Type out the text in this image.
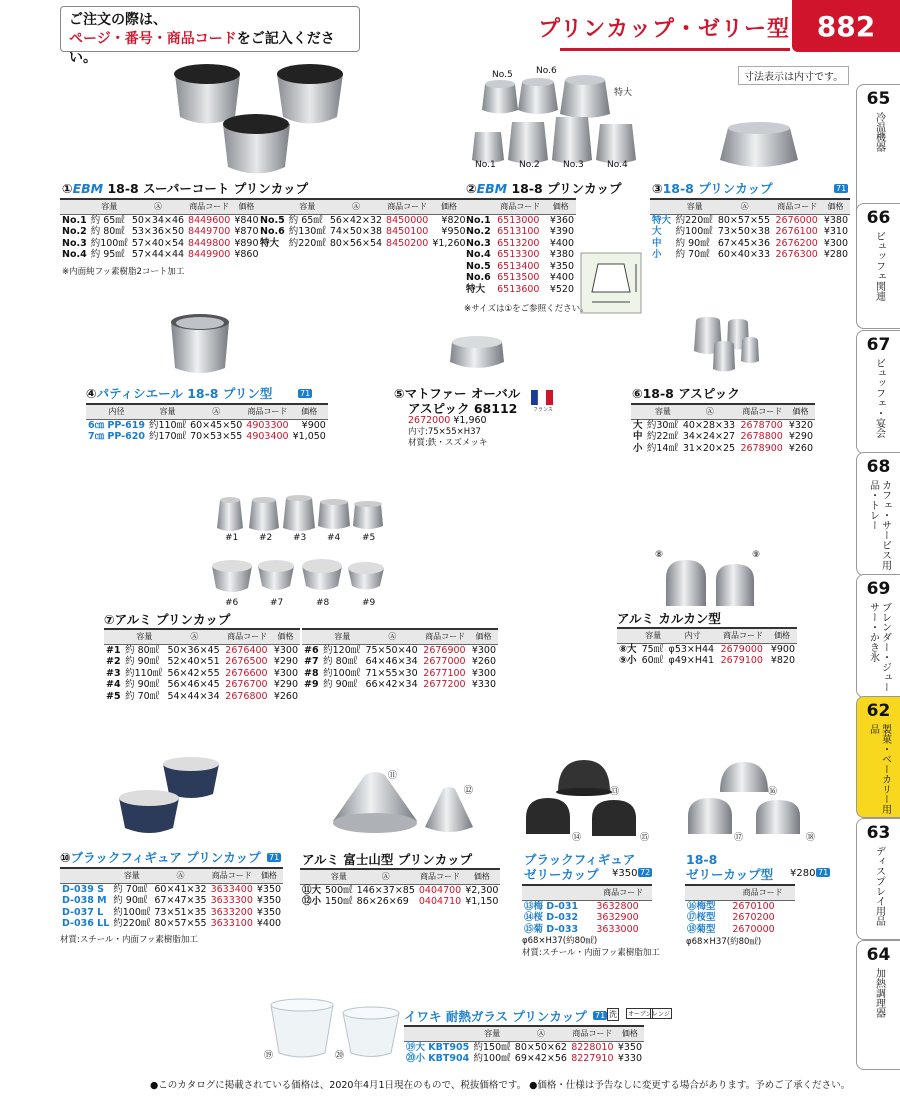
ご注文の際は、
ページ・番号・商品コードをご記入ください。
プリンカップ・ゼリー型 882
寸法表示は内寸です。
65
冷温機器
66
ビュッフェ関連
67
ビュッフェ・宴会
68
カフェ・サービス用品・トレー
69
ブレンダー・ジューサー・かき氷
62
製菓・ベーカリー用品
63
ディスプレイ用品
64
加熱調理器
①EBM 18-8 スーパーコート プリンカップ
	容量	Ⓐ	商品コード	価格
No.1	約 65㎖	50×34×46	8449600	¥840
No.2	約 80㎖	53×36×50	8449700	¥870
No.3	約100㎖	57×40×54	8449800	¥890
No.4	約 95㎖	57×44×44	8449900	¥860
	容量	Ⓐ	商品コード	価格
No.5	約 65㎖	56×42×32	8450000	¥820
No.6	約130㎖	74×50×38	8450100	¥950
特大	約220㎖	80×56×54	8450200	¥1,260
※内面純フッ素樹脂2コート加工
No.5	No.6
特大
No.1	No.2	No.3	No.4
②EBM 18-8 プリンカップ
	商品コード	価格
No.1	6513000	¥360
No.2	6513100	¥390
No.3	6513200	¥400
No.4	6513300	¥380
No.5	6513400	¥350
No.6	6513500	¥400
特大	6513600	¥520
※サイズは①をご参照ください。
③18-8 プリンカップ	71
	容量	Ⓐ	商品コード	価格
特大	約220㎖	80×57×55	2676000	¥380
大	約100㎖	73×50×38	2676100	¥310
中	約 90㎖	67×45×36	2676200	¥300
小	約 70㎖	60×40×33	2676300	¥280
④パティシエール 18-8 プリン型	71
内径	容量	Ⓐ	商品コード	価格
6㎝ PP-619	約110㎖	60×45×50	4903300	¥900
7㎝ PP-620	約170㎖	70×53×55	4903400	¥1,050
⑤マトファー オーバル
アスピック 68112	フランス
2672000 ¥1,960
内寸:75×55×H37
材質:鉄・スズメッキ
⑥18-8 アスピック
	容量	Ⓐ	商品コード	価格
大	約30㎖	40×28×33	2678700	¥320
中	約22㎖	34×24×27	2678800	¥290
小	約14㎖	31×20×25	2678900	¥260
#1 #2 #3 #4 #5
#6	#7	#8	#9
⑦アルミ プリンカップ
	容量	Ⓐ	商品コード	価格
#1	約 80㎖	50×36×45	2676400	¥300
#2	約 90㎖	52×40×51	2676500	¥290
#3	約110㎖	56×42×55	2676600	¥300
#4	約 90㎖	56×46×45	2676700	¥290
#5	約 70㎖	54×44×34	2676800	¥260
	容量	Ⓐ	商品コード	価格
#6	約120㎖	75×50×40	2676900	¥300
#7	約 80㎖	64×46×34	2677000	¥260
#8	約100㎖	71×55×30	2677100	¥300
#9	約 90㎖	66×42×34	2677200	¥330
⑧	⑨
アルミ カルカン型
	容量	内寸	商品コード	価格
⑧大	75㎖	φ53×H44	2679000	¥900
⑨小	60㎖	φ49×H41	2679100	¥820
⑩ブラックフィギュア プリンカップ 71
	容量	Ⓐ	商品コード	価格
D-039 S	約 70㎖	60×41×32	3633400	¥350
D-038 M	約 90㎖	67×47×35	3633300	¥350
D-037 L	約100㎖	73×51×35	3633200	¥350
D-036 LL	約220㎖	80×57×55	3633100	¥400
材質:スチール・内面フッ素樹脂加工
⑪
⑫
アルミ 富士山型 プリンカップ
	容量	Ⓐ	商品コード	価格
⑪大	500㎖	146×37×85	0404700	¥2,300
⑫小	150㎖	86×26×69	0404710	¥1,150
⑬
⑭	⑮
ブラックフィギュア
ゼリーカップ	¥350 72
	商品コード
⑬梅 D-031	3632800
⑭桜 D-032	3632900
⑮菊 D-033	3633000
φ68×H37(約80㎖)
材質:スチール・内面フッ素樹脂加工
⑯
⑰	⑱
18-8
ゼリーカップ型 ¥280 71
	商品コード
⑯梅型	2670100
⑰桜型	2670200
⑱菊型	2670000
φ68×H37(約80㎖)
⑲	⑳
イワキ 耐熱ガラス プリンカップ 71 洗	オーブン レンジ
	容量	Ⓐ	商品コード	価格
⑲大 KBT905	約150㎖	80×50×62	8228010	¥350
⑳小 KBT904	約100㎖	69×42×56	8227910	¥330
●このカタログに掲載されている価格は、2020年4月1日現在のもので、税抜価格です。 ●価格・仕様は予告なしに変更する場合があります。予めご了承ください。
